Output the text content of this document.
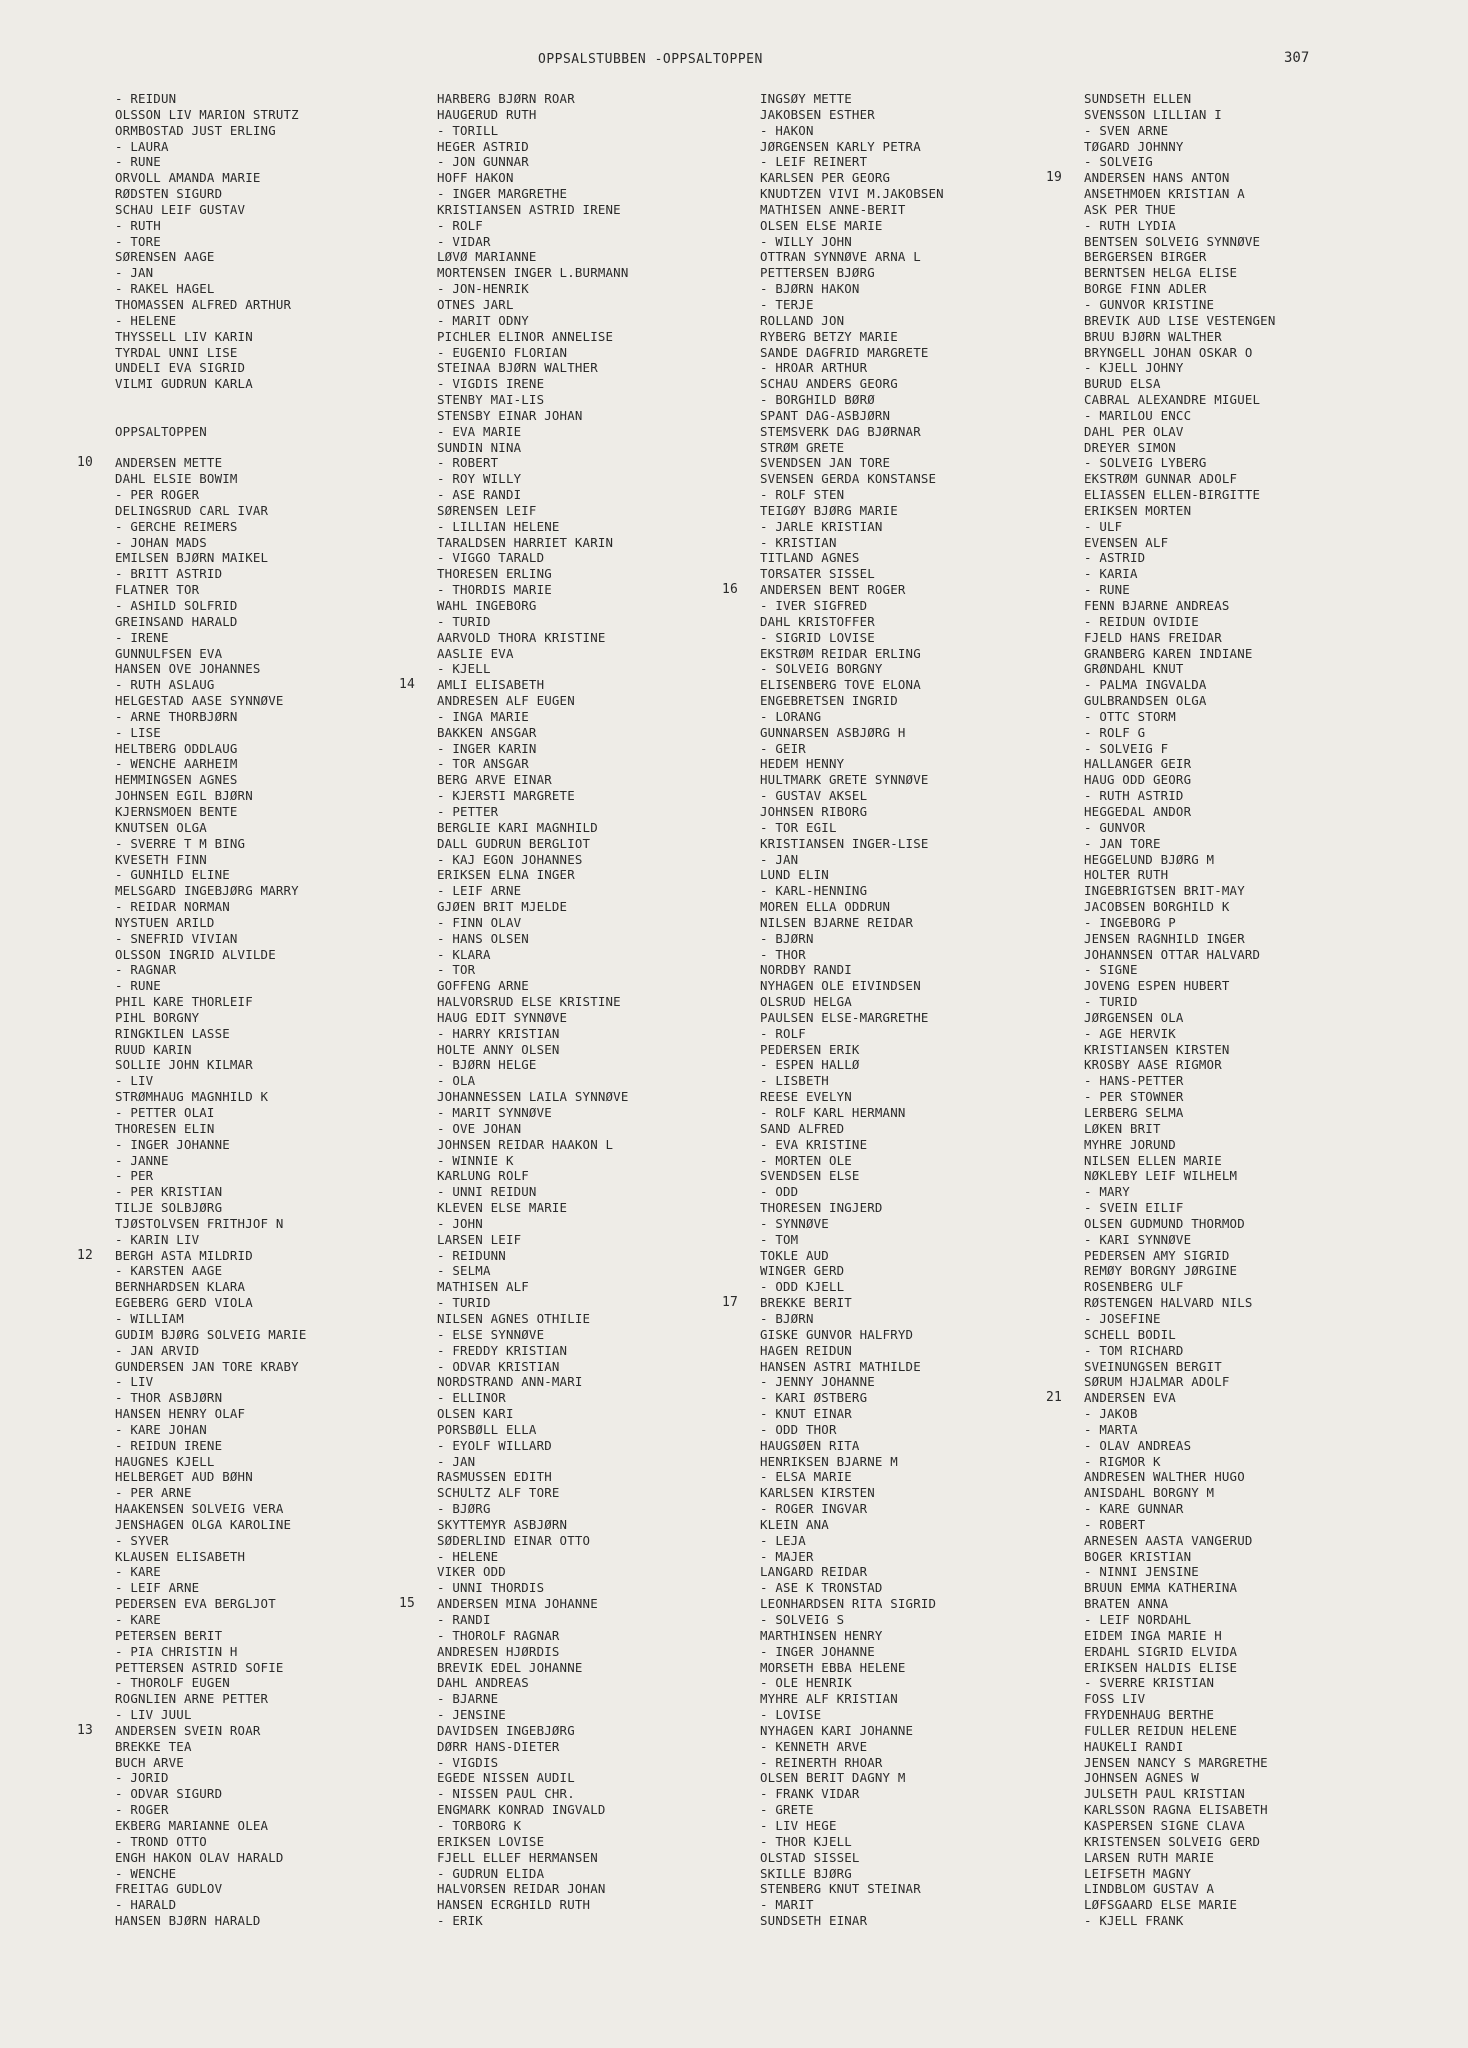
OPPSALSTUBBEN -OPPSALTOPPEN	307
- REIDUN
OLSSON LIV MARION STRUTZ
ORMBOSTAD JUST ERLING
- LAURA
- RUNE
ORVOLL AMANDA MARIE
RØDSTEN SIGURD
SCHAU LEIF GUSTAV
- RUTH
- TORE
SØRENSEN AAGE
- JAN
- RAKEL HAGEL
THOMASSEN ALFRED ARTHUR
- HELENE
THYSSELL LIV KARIN
TYRDAL UNNI LISE
UNDELI EVA SIGRID
VILMI GUDRUN KARLA
OPPSALTOPPEN
10 ANDERSEN METTE
DAHL ELSIE BOWIM
- PER ROGER
DELINGSRUD CARL IVAR
- GERCHE REIMERS
- JOHAN MADS
EMILSEN BJØRN MAIKEL
- BRITT ASTRID
FLATNER TOR
- ASHILD SOLFRID
GREINSAND HARALD
- IRENE
GUNNULFSEN EVA
HANSEN OVE JOHANNES
- RUTH ASLAUG
HELGESTAD AASE SYNNØVE
- ARNE THORBJØRN
- LISE
HELTBERG ODDLAUG
- WENCHE AARHEIM
HEMMINGSEN AGNES
JOHNSEN EGIL BJØRN
KJERNSMOEN BENTE
KNUTSEN OLGA
- SVERRE T M BING
KVESETH FINN
- GUNHILD ELINE
MELSGARD INGEBJØRG MARRY
- REIDAR NORMAN
NYSTUEN ARILD
- SNEFRID VIVIAN
OLSSON INGRID ALVILDE
- RAGNAR
- RUNE
PHIL KARE THORLEIF
PIHL BORGNY
RINGKILEN LASSE
RUUD KARIN
SOLLIE JOHN KILMAR
- LIV
STRØMHAUG MAGNHILD K
- PETTER OLAI
THORESEN ELIN
- INGER JOHANNE
- JANNE
- PER
- PER KRISTIAN
TILJE SOLBJØRG
TJØSTOLVSEN FRITHJOF N
- KARIN LIV
12 BERGH ASTA MILDRID
- KARSTEN AAGE
BERNHARDSEN KLARA
EGEBERG GERD VIOLA
- WILLIAM
GUDIM BJØRG SOLVEIG MARIE
- JAN ARVID
GUNDERSEN JAN TORE KRABY
- LIV
- THOR ASBJØRN
HANSEN HENRY OLAF
- KARE JOHAN
- REIDUN IRENE
HAUGNES KJELL
HELBERGET AUD BØHN
- PER ARNE
HAAKENSEN SOLVEIG VERA
JENSHAGEN OLGA KAROLINE
- SYVER
KLAUSEN ELISABETH
- KARE
- LEIF ARNE
PEDERSEN EVA BERGLJOT
- KARE
PETERSEN BERIT
- PIA CHRISTIN H
PETTERSEN ASTRID SOFIE
- THOROLF EUGEN
ROGNLIEN ARNE PETTER
- LIV JUUL
13 ANDERSEN SVEIN ROAR
BREKKE TEA
BUCH ARVE
- JORID
- ODVAR SIGURD
- ROGER
EKBERG MARIANNE OLEA
- TROND OTTO
ENGH HAKON OLAV HARALD
- WENCHE
FREITAG GUDLOV
- HARALD
HANSEN BJØRN HARALD
HARBERG BJØRN ROAR
HAUGERUD RUTH
- TORILL
HEGER ASTRID
- JON GUNNAR
HOFF HAKON
- INGER MARGRETHE
KRISTIANSEN ASTRID IRENE
- ROLF
- VIDAR
LØVØ MARIANNE
MORTENSEN INGER L.BURMANN
- JON-HENRIK
OTNES JARL
- MARIT ODNY
PICHLER ELINOR ANNELISE
- EUGENIO FLORIAN
STEINAA BJØRN WALTHER
- VIGDIS IRENE
STENBY MAI-LIS
STENSBY EINAR JOHAN
- EVA MARIE
SUNDIN NINA
- ROBERT
- ROY WILLY
- ASE RANDI
SØRENSEN LEIF
- LILLIAN HELENE
TARALDSEN HARRIET KARIN
- VIGGO TARALD
THORESEN ERLING
- THORDIS MARIE
WAHL INGEBORG
- TURID
AARVOLD THORA KRISTINE
AASLIE EVA
- KJELL
14 AMLI ELISABETH
ANDRESEN ALF EUGEN
- INGA MARIE
BAKKEN ANSGAR
- INGER KARIN
- TOR ANSGAR
BERG ARVE EINAR
- KJERSTI MARGRETE
- PETTER
BERGLIE KARI MAGNHILD
DALL GUDRUN BERGLIOT
- KAJ EGON JOHANNES
ERIKSEN ELNA INGER
- LEIF ARNE
GJØEN BRIT MJELDE
- FINN OLAV
- HANS OLSEN
- KLARA
- TOR
GOFFENG ARNE
HALVORSRUD ELSE KRISTINE
HAUG EDIT SYNNØVE
- HARRY KRISTIAN
HOLTE ANNY OLSEN
- BJØRN HELGE
- OLA
JOHANNESSEN LAILA SYNNØVE
- MARIT SYNNØVE
- OVE JOHAN
JOHNSEN REIDAR HAAKON L
- WINNIE K
KARLUNG ROLF
- UNNI REIDUN
KLEVEN ELSE MARIE
- JOHN
LARSEN LEIF
- REIDUNN
- SELMA
MATHISEN ALF
- TURID
NILSEN AGNES OTHILIE
- ELSE SYNNØVE
- FREDDY KRISTIAN
- ODVAR KRISTIAN
NORDSTRAND ANN-MARI
- ELLINOR
OLSEN KARI
PORSBØLL ELLA
- EYOLF WILLARD
- JAN
RASMUSSEN EDITH
SCHULTZ ALF TORE
- BJØRG
SKYTTEMYR ASBJØRN
SØDERLIND EINAR OTTO
- HELENE
VIKER ODD
- UNNI THORDIS
15 ANDERSEN MINA JOHANNE
- RANDI
- THOROLF RAGNAR
ANDRESEN HJØRDIS
BREVIK EDEL JOHANNE
DAHL ANDREAS
- BJARNE
- JENSINE
DAVIDSEN INGEBJØRG
DØRR HANS-DIETER
- VIGDIS
EGEDE NISSEN AUDIL
- NISSEN PAUL CHR.
ENGMARK KONRAD INGVALD
- TORBORG K
ERIKSEN LOVISE
FJELL ELLEF HERMANSEN
- GUDRUN ELIDA
HALVORSEN REIDAR JOHAN
HANSEN ECRGHILD RUTH
- ERIK
INGSØY METTE
JAKOBSEN ESTHER
- HAKON
JØRGENSEN KARLY PETRA
- LEIF REINERT
KARLSEN PER GEORG
KNUDTZEN VIVI M.JAKOBSEN
MATHISEN ANNE-BERIT
OLSEN ELSE MARIE
- WILLY JOHN
OTTRAN SYNNØVE ARNA L
PETTERSEN BJØRG
- BJØRN HAKON
- TERJE
ROLLAND JON
RYBERG BETZY MARIE
SANDE DAGFRID MARGRETE
- HROAR ARTHUR
SCHAU ANDERS GEORG
- BORGHILD BØRØ
SPANT DAG-ASBJØRN
STEMSVERK DAG BJØRNAR
STRØM GRETE
SVENDSEN JAN TORE
SVENSEN GERDA KONSTANSE
- ROLF STEN
TEIGØY BJØRG MARIE
- JARLE KRISTIAN
- KRISTIAN
TITLAND AGNES
TORSATER SISSEL
16 ANDERSEN BENT ROGER
- IVER SIGFRED
DAHL KRISTOFFER
- SIGRID LOVISE
EKSTRØM REIDAR ERLING
- SOLVEIG BORGNY
ELISENBERG TOVE ELONA
ENGEBRETSEN INGRID
- LORANG
GUNNARSEN ASBJØRG H
- GEIR
HEDEM HENNY
HULTMARK GRETE SYNNØVE
- GUSTAV AKSEL
JOHNSEN RIBORG
- TOR EGIL
KRISTIANSEN INGER-LISE
- JAN
LUND ELIN
- KARL-HENNING
MOREN ELLA ODDRUN
NILSEN BJARNE REIDAR
- BJØRN
- THOR
NORDBY RANDI
NYHAGEN OLE EIVINDSEN
OLSRUD HELGA
PAULSEN ELSE-MARGRETHE
- ROLF
PEDERSEN ERIK
- ESPEN HALLØ
- LISBETH
REESE EVELYN
- ROLF KARL HERMANN
SAND ALFRED
- EVA KRISTINE
- MORTEN OLE
SVENDSEN ELSE
- ODD
THORESEN INGJERD
- SYNNØVE
- TOM
TOKLE AUD
WINGER GERD
- ODD KJELL
17 BREKKE BERIT
- BJØRN
GISKE GUNVOR HALFRYD
HAGEN REIDUN
HANSEN ASTRI MATHILDE
- JENNY JOHANNE
- KARI ØSTBERG
- KNUT EINAR
- ODD THOR
HAUGSØEN RITA
HENRIKSEN BJARNE M
- ELSA MARIE
KARLSEN KIRSTEN
- ROGER INGVAR
KLEIN ANA
- LEJA
- MAJER
LANGARD REIDAR
- ASE K TRONSTAD
LEONHARDSEN RITA SIGRID
- SOLVEIG S
MARTHINSEN HENRY
- INGER JOHANNE
MORSETH EBBA HELENE
- OLE HENRIK
MYHRE ALF KRISTIAN
- LOVISE
NYHAGEN KARI JOHANNE
- KENNETH ARVE
- REINERTH RHOAR
OLSEN BERIT DAGNY M
- FRANK VIDAR
- GRETE
- LIV HEGE
- THOR KJELL
OLSTAD SISSEL
SKILLE BJØRG
STENBERG KNUT STEINAR
- MARIT
SUNDSETH EINAR
SUNDSETH ELLEN
SVENSSON LILLIAN I
- SVEN ARNE
TØGARD JOHNNY
- SOLVEIG
19 ANDERSEN HANS ANTON
ANSETHMOEN KRISTIAN A
ASK PER THUE
- RUTH LYDIA
BENTSEN SOLVEIG SYNNØVE
BERGERSEN BIRGER
BERNTSEN HELGA ELISE
BORGE FINN ADLER
- GUNVOR KRISTINE
BREVIK AUD LISE VESTENGEN
BRUU BJØRN WALTHER
BRYNGELL JOHAN OSKAR O
- KJELL JOHNY
BURUD ELSA
CABRAL ALEXANDRE MIGUEL
- MARILOU ENCC
DAHL PER OLAV
DREYER SIMON
- SOLVEIG LYBERG
EKSTRØM GUNNAR ADOLF
ELIASSEN ELLEN-BIRGITTE
ERIKSEN MORTEN
- ULF
EVENSEN ALF
- ASTRID
- KARIA
- RUNE
FENN BJARNE ANDREAS
- REIDUN OVIDIE
FJELD HANS FREIDAR
GRANBERG KAREN INDIANE
GRØNDAHL KNUT
- PALMA INGVALDA
GULBRANDSEN OLGA
- OTTC STORM
- ROLF G
- SOLVEIG F
HALLANGER GEIR
HAUG ODD GEORG
- RUTH ASTRID
HEGGEDAL ANDOR
- GUNVOR
- JAN TORE
HEGGELUND BJØRG M
HOLTER RUTH
INGEBRIGTSEN BRIT-MAY
JACOBSEN BORGHILD K
- INGEBORG P
JENSEN RAGNHILD INGER
JOHANNSEN OTTAR HALVARD
- SIGNE
JOVENG ESPEN HUBERT
- TURID
JØRGENSEN OLA
- AGE HERVIK
KRISTIANSEN KIRSTEN
KROSBY AASE RIGMOR
- HANS-PETTER
- PER STOWNER
LERBERG SELMA
LØKEN BRIT
MYHRE JORUND
NILSEN ELLEN MARIE
NØKLEBY LEIF WILHELM
- MARY
- SVEIN EILIF
OLSEN GUDMUND THORMOD
- KARI SYNNØVE
PEDERSEN AMY SIGRID
REMØY BORGNY JØRGINE
ROSENBERG ULF
RØSTENGEN HALVARD NILS
- JOSEFINE
SCHELL BODIL
- TOM RICHARD
SVEINUNGSEN BERGIT
SØRUM HJALMAR ADOLF
21 ANDERSEN EVA
- JAKOB
- MARTA
- OLAV ANDREAS
- RIGMOR K
ANDRESEN WALTHER HUGO
ANISDAHL BORGNY M
- KARE GUNNAR
- ROBERT
ARNESEN AASTA VANGERUD
BOGER KRISTIAN
- NINNI JENSINE
BRUUN EMMA KATHERINA
BRATEN ANNA
- LEIF NORDAHL
EIDEM INGA MARIE H
ERDAHL SIGRID ELVIDA
ERIKSEN HALDIS ELISE
- SVERRE KRISTIAN
FOSS LIV
FRYDENHAUG BERTHE
FULLER REIDUN HELENE
HAUKELI RANDI
JENSEN NANCY S MARGRETHE
JOHNSEN AGNES W
JULSETH PAUL KRISTIAN
KARLSSON RAGNA ELISABETH
KASPERSEN SIGNE CLAVA
KRISTENSEN SOLVEIG GERD
LARSEN RUTH MARIE
LEIFSETH MAGNY
LINDBLOM GUSTAV A
LØFSGAARD ELSE MARIE
- KJELL FRANK
